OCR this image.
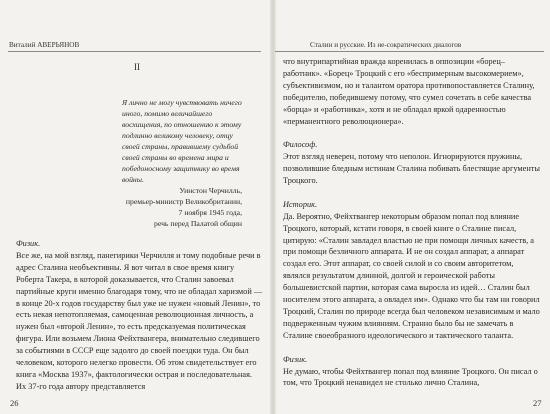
Виталий АВЕРЬЯНОВ
II

Я лично не могу чувствовать ничего иного, помимо величайшего восхищения, по отношению к этому подлинно великому человеку, отцу своей страны, правившему судьбой своей страны во времена мира и победоносному защитнику во время войны.

Уинстон Черчилль,
премьер-министр Великобритании,
7 ноября 1945 года,
речь перед Палатой общин

Физик.

Все же, на мой взгляд, панегирики Черчилля и тому подобные речи в адрес Сталина необъективны. Я вот читал в свое время книгу Роберта Такера, в которой доказывается, что Сталин завоевал партийные круги именно благодаря тому, что не обладал харизмой — в конце 20-х годов государству был уже не нужен «новый Ленин», то есть некая непотопляемая, самоценная революционная личность, а нужен был «второй Ленин», то есть предсказуемая политическая фигура. Или возьмем Лиона Фейхтвангера, внимательно следившего за событиями в СССР еще задолго до своей поездки туда. Он был человеком, которого нелегко провести. Об этом свидетельствует его книга «Москва 1937», фактологически острая и последовательная. Иx 37-го года автору представляется

26
Сталин и русские. Из не-сократических диалогов

что внутрипартийная вражда коренилась в оппозиции «борец–работник». «Борец» Троцкий с его «беспримерным высокомерием», субъективизмом, но и талантом оратора противопоставляется Сталину, победителю, победившему потому, что сумел сочетать в себе качества «борца» и «работника», хотя и не обладал яркой одаренностью «перманентного революционера».

Философ.

Этот взгляд неверен, потому что неполон. Игнорируются пружины, позволившие бледным истинам Сталина побивать блестящие аргументы Троцкого.

Историк.

Да. Вероятно, Фейхтвангер некоторым образом попал под влияние Троцкого, который, кстати говоря, в своей книге о Сталине писал, цитирую: «Сталин завладел властью не при помощи личных качеств, а при помощи безличного аппарата. И не он создал аппарат, а аппарат создал его. Этот аппарат, со своей силой и со своим авторитетом, являлся результатом длинной, долгой и героической работы большевистской партии, которая сама выросла из идей… Сталин был носителем этого аппарата, а овладел им». Однако что бы там ни говорил Троцкий, Сталин по природе всегда был человеком независимым и мало подверженным чужим влияниям. Странно было бы не замечать в Сталине своеобразного идеологического и тактического таланта.

Физик.

Не думаю, чтобы Фейхтвангер попал под влияние Троцкого. Он писал о том, что Троцкий ненавидел не столько лично Сталина,

27
